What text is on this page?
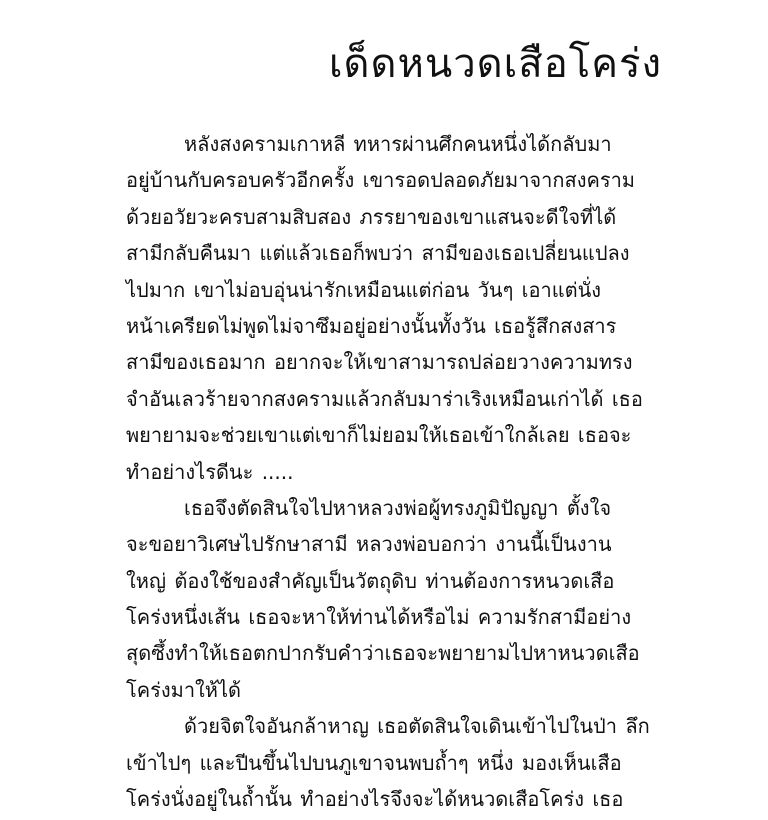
เด็ดหนวดเสือโคร่ง
หลังสงครามเกาหลี ทหารผ่านศึกคนหนึ่งได้กลับมา
อยู่บ้านกับครอบครัวอีกครั้ง เขารอดปลอดภัยมาจากสงคราม
ด้วยอวัยวะครบสามสิบสอง ภรรยาของเขาแสนจะดีใจที่ได้
สามีกลับคืนมา แต่แล้วเธอก็พบว่า สามีของเธอเปลี่ยนแปลง
ไปมาก เขาไม่อบอุ่นน่ารักเหมือนแต่ก่อน วันๆ เอาแต่นั่ง
หน้าเครียดไม่พูดไม่จาซึมอยู่อย่างนั้นทั้งวัน เธอรู้สึกสงสาร
สามีของเธอมาก อยากจะให้เขาสามารถปล่อยวางความทรง
จำอันเลวร้ายจากสงครามแล้วกลับมาร่าเริงเหมือนเก่าได้ เธอ
พยายามจะช่วยเขาแต่เขาก็ไม่ยอมให้เธอเข้าใกล้เลย เธอจะ
ทำอย่างไรดีนะ .....
เธอจึงตัดสินใจไปหาหลวงพ่อผู้ทรงภูมิปัญญา ตั้งใจ
จะขอยาวิเศษไปรักษาสามี หลวงพ่อบอกว่า งานนี้เป็นงาน
ใหญ่ ต้องใช้ของสำคัญเป็นวัตถุดิบ ท่านต้องการหนวดเสือ
โคร่งหนึ่งเส้น เธอจะหาให้ท่านได้หรือไม่ ความรักสามีอย่าง
สุดซึ้งทำให้เธอตกปากรับคำว่าเธอจะพยายามไปหาหนวดเสือ
โคร่งมาให้ได้
ด้วยจิตใจอันกล้าหาญ เธอตัดสินใจเดินเข้าไปในป่า ลึก
เข้าไปๆ และปีนขึ้นไปบนภูเขาจนพบถ้ำๆ หนึ่ง มองเห็นเสือ
โคร่งนั่งอยู่ในถ้ำนั้น ทำอย่างไรจึงจะได้หนวดเสือโคร่ง เธอ
